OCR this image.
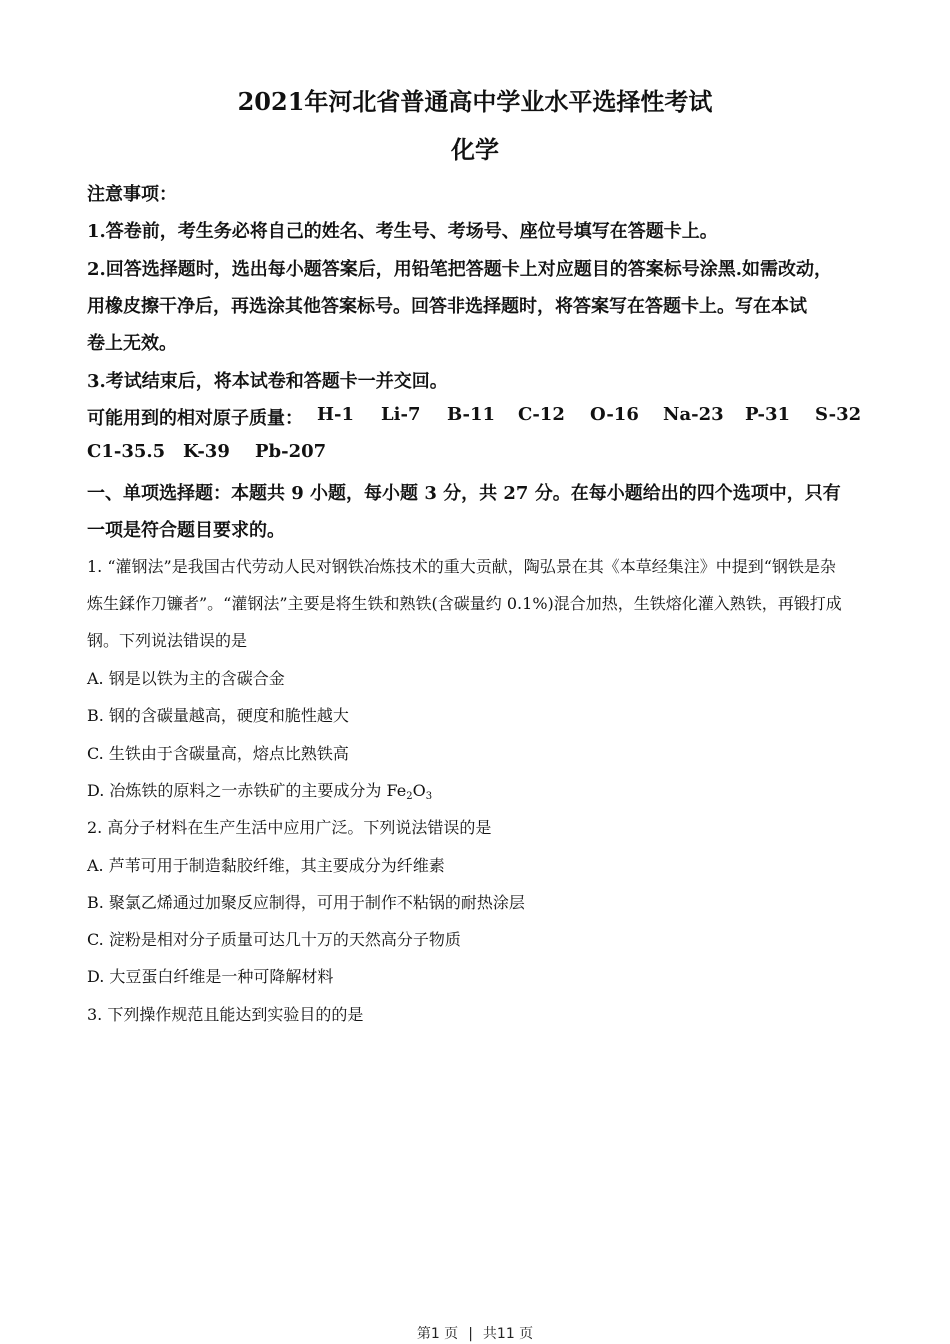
2021年河北省普通高中学业水平选择性考试
化学
注意事项：
1.答卷前，考生务必将自己的姓名、考生号、考场号、座位号填写在答题卡上。
2.回答选择题时，选出每小题答案后，用铅笔把答题卡上对应题目的答案标号涂黑.如需改动，
用橡皮擦干净后，再选涂其他答案标号。回答非选择题时，将答案写在答题卡上。写在本试
卷上无效。
3.考试结束后，将本试卷和答题卡一并交回。
可能用到的相对原子质量： H-1 Li-7 B-11 C-12 O-16 Na-23 P-31 S-32
C1-35.5 K-39 Pb-207
一、单项选择题：本题共 9 小题，每小题 3 分，共 27 分。在每小题给出的四个选项中，只有
一项是符合题目要求的。
1. “灌钢法”是我国古代劳动人民对钢铁冶炼技术的重大贡献，陶弘景在其《本草经集注》中提到“钢铁是杂
炼生鍒作刀镰者”。“灌钢法”主要是将生铁和熟铁(含碳量约 0.1%)混合加热，生铁熔化灌入熟铁，再锻打成
钢。下列说法错误的是
A. 钢是以铁为主的含碳合金
B. 钢的含碳量越高，硬度和脆性越大
C. 生铁由于含碳量高，熔点比熟铁高
D. 冶炼铁的原料之一赤铁矿的主要成分为 $Fe_2O_3$
2. 高分子材料在生产生活中应用广泛。下列说法错误的是
A. 芦苇可用于制造黏胶纤维，其主要成分为纤维素
B. 聚氯乙烯通过加聚反应制得，可用于制作不粘锅的耐热涂层
C. 淀粉是相对分子质量可达几十万的天然高分子物质
D. 大豆蛋白纤维是一种可降解材料
3. 下列操作规范且能达到实验目的的是
第1 页 | 共11 页
